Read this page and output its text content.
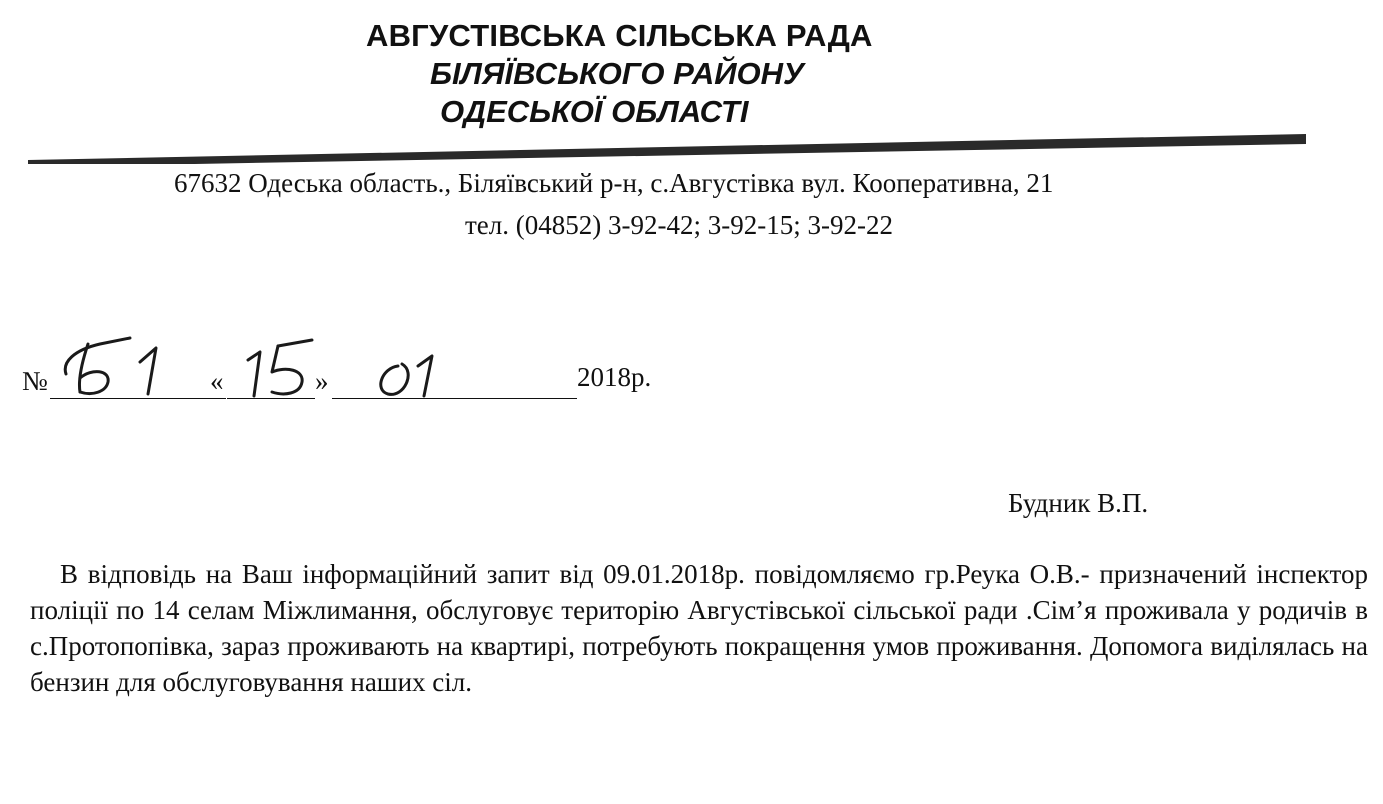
АВГУСТІВСЬКА СІЛЬСЬКА РАДА
БІЛЯЇВСЬКОГО РАЙОНУ
ОДЕСЬКОЇ ОБЛАСТІ
67632 Одеська область., Біляївський р-н, с.Августівка вул. Кооперативна, 21
тел. (04852) 3-92-42; 3-92-15; 3-92-22
№	«	»	2018р.
Будник В.П.
В відповідь на Ваш інформаційний запит від 09.01.2018р. повідомляємо гр.Реука О.В.- призначений інспектор поліції по 14 селам Міжлимання, обслуговує територію Августівської сільської ради .Сім’я проживала у родичів в с.Протопопівка, зараз проживають на квартирі, потребують покращення умов проживання. Допомога виділялась на бензин для обслуговування наших сіл.
